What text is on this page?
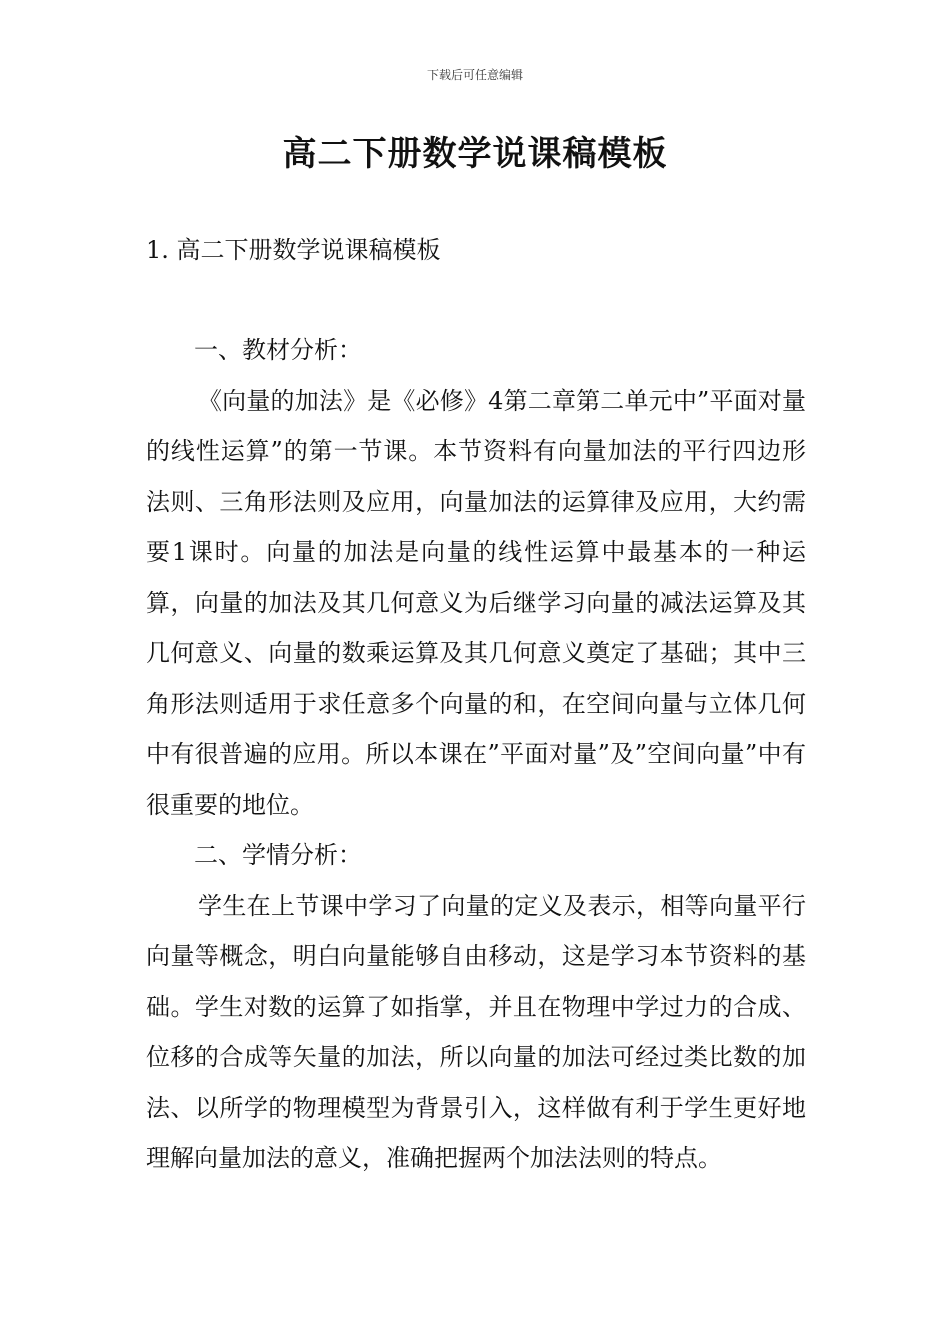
下载后可任意编辑
高二下册数学说课稿模板

1. 高二下册数学说课稿模板

一、教材分析：

《向量的加法》是《必修》4第二章第二单元中”平面对量的线性运算”的第一节课。本节资料有向量加法的平行四边形法则、三角形法则及应用，向量加法的运算律及应用，大约需要1课时。向量的加法是向量的线性运算中最基本的一种运算，向量的加法及其几何意义为后继学习向量的减法运算及其几何意义、向量的数乘运算及其几何意义奠定了基础；其中三角形法则适用于求任意多个向量的和，在空间向量与立体几何中有很普遍的应用。所以本课在”平面对量”及”空间向量”中有很重要的地位。

二、学情分析：

学生在上节课中学习了向量的定义及表示，相等向量平行向量等概念，明白向量能够自由移动，这是学习本节资料的基础。学生对数的运算了如指掌，并且在物理中学过力的合成、位移的合成等矢量的加法，所以向量的加法可经过类比数的加法、以所学的物理模型为背景引入，这样做有利于学生更好地理解向量加法的意义，准确把握两个加法法则的特点。
